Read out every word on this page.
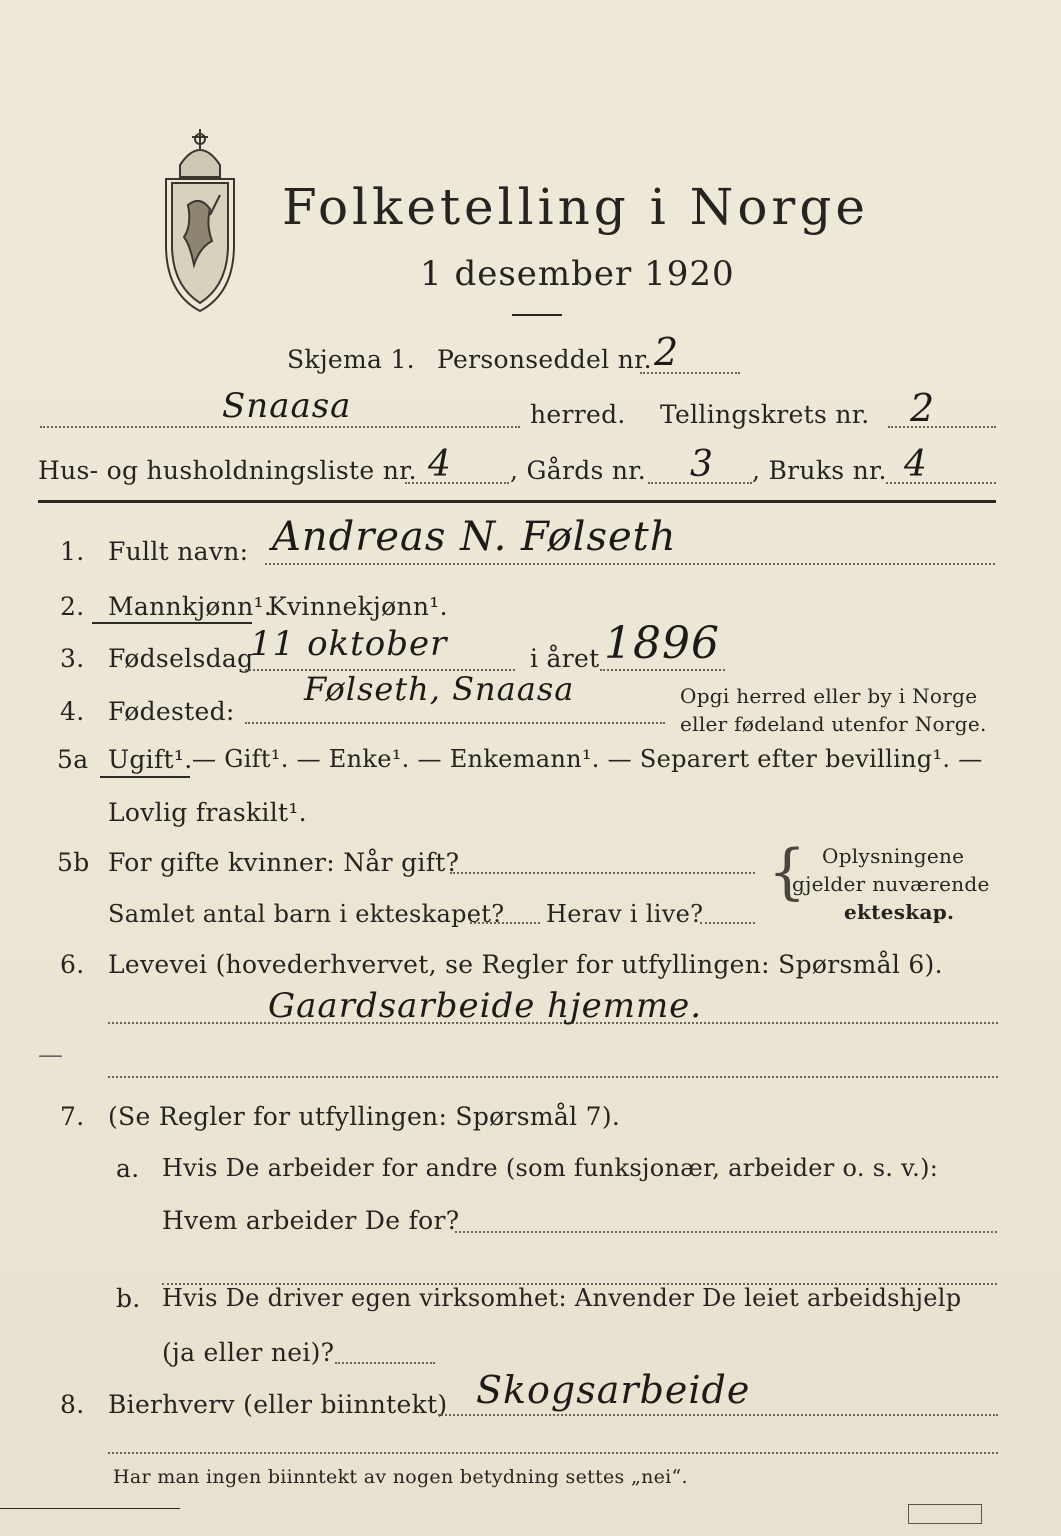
Folketelling i Norge
1 desember 1920
Skjema 1. Personseddel nr. 2
Snaasa	herred. Tellingskrets nr. 2
Hus- og husholdningsliste nr. 4 , Gårds nr. 3 , Bruks nr. 4
1. Fullt navn: Andreas N. Følseth
2. Mannkjønn¹.
Kvinnekjønn¹.
3. Fødselsdag
11 oktober	i året 1896
4. Fødested:
Følseth, Snaasa	Opgi herred eller by i Norge
eller fødeland utenfor Norge.
5a Ugift¹. — Gift¹. — Enke¹. — Enkemann¹. — Separert efter bevilling¹. —
Lovlig fraskilt¹.
5b For gifte kvinner: Når gift?
Samlet antal barn i ekteskapet? Herav i live?
{ Oplysningene
gjelder nuværende
ekteskap.
6. Levevei (hovederhvervet, se Regler for utfyllingen: Spørsmål 6).
Gaardsarbeide hjemme.
—
7. (Se Regler for utfyllingen: Spørsmål 7).
a. Hvis De arbeider for andre (som funksjonær, arbeider o. s. v.):
Hvem arbeider De for?
b. Hvis De driver egen virksomhet: Anvender De leiet arbeidshjelp
(ja eller nei)?
8. Bierhverv (eller biinntekt) Skogsarbeide
Har man ingen biinntekt av nogen betydning settes „nei“.
